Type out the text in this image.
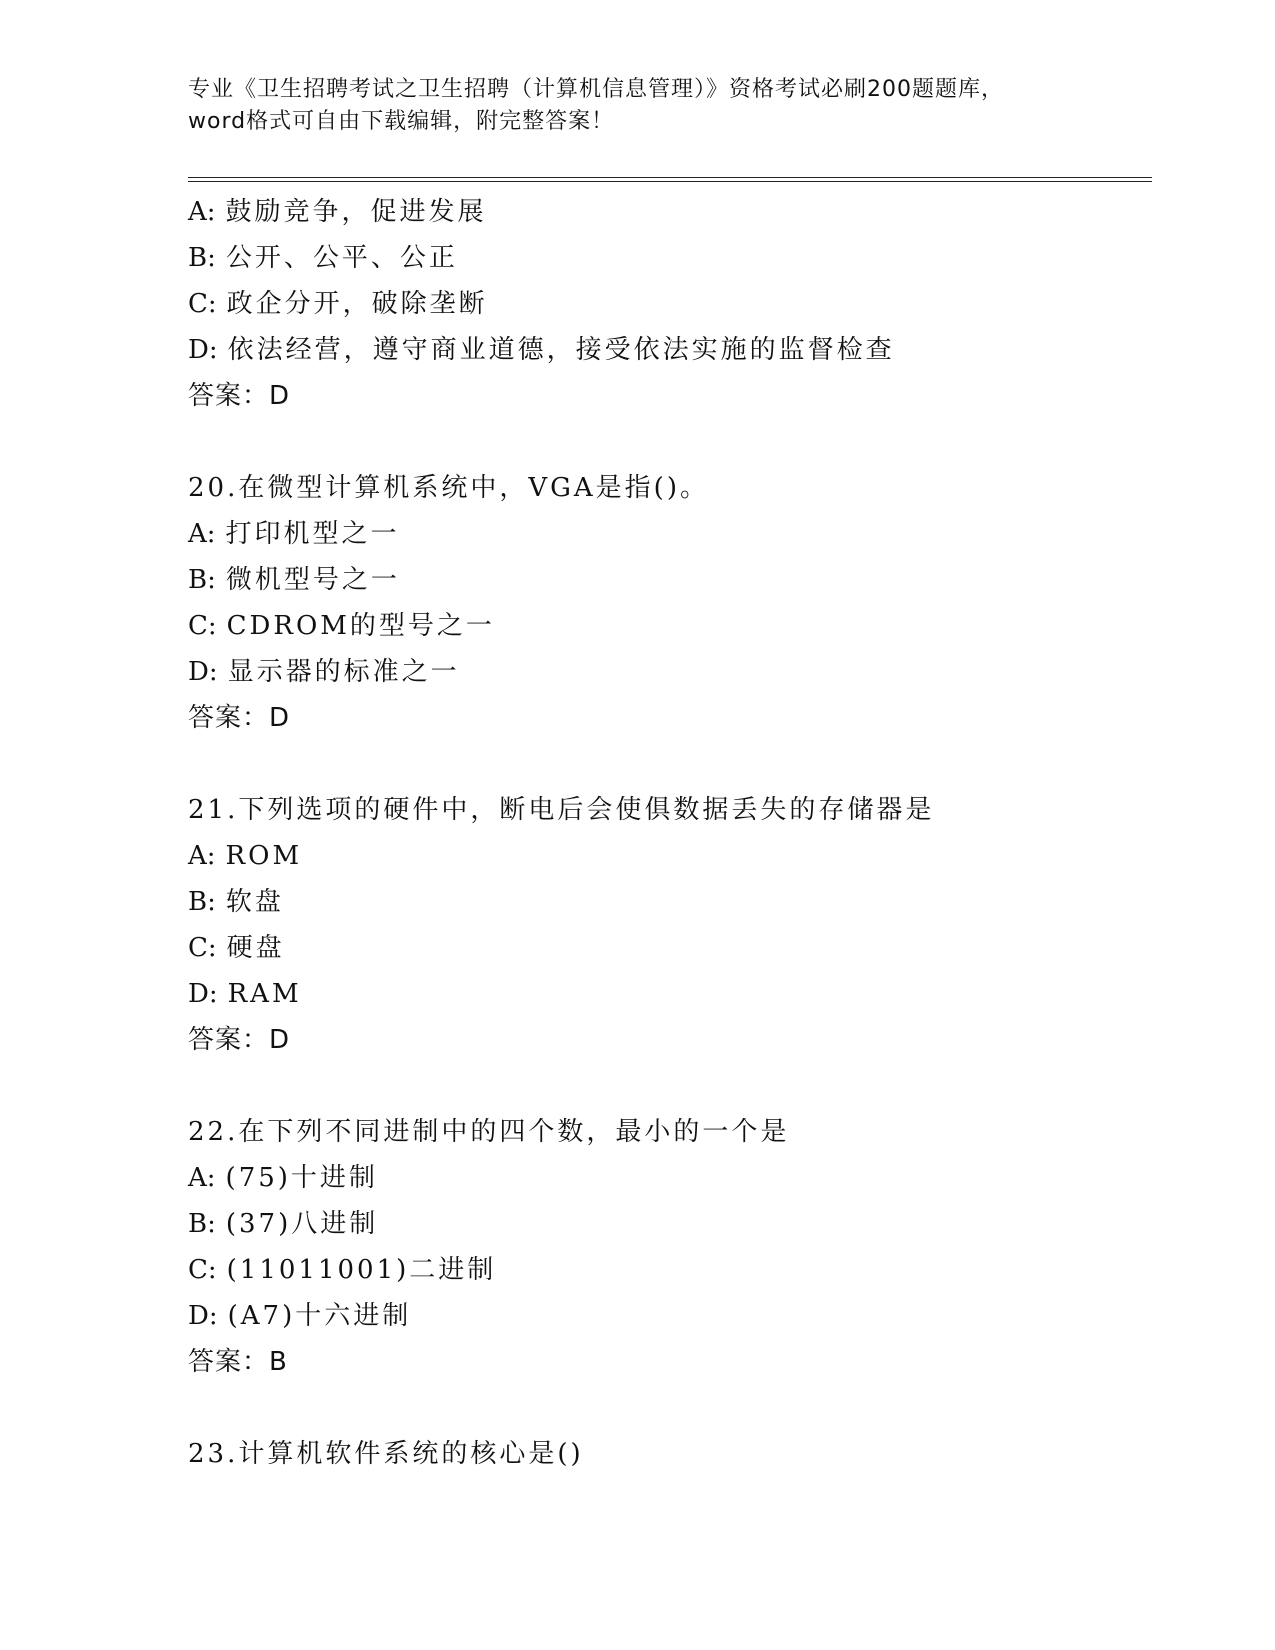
专业《卫生招聘考试之卫生招聘（计算机信息管理）》资格考试必刷200题题库，
word格式可自由下载编辑，附完整答案！
A: 鼓励竞争，促进发展
B: 公开、公平、公正
C: 政企分开，破除垄断
D: 依法经营，遵守商业道德，接受依法实施的监督检查
答案：D
20.在微型计算机系统中，VGA是指()。
A: 打印机型之一
B: 微机型号之一
C: CDROM的型号之一
D: 显示器的标准之一
答案：D
21.下列选项的硬件中，断电后会使俱数据丢失的存储器是
A: ROM
B: 软盘
C: 硬盘
D: RAM
答案：D
22.在下列不同进制中的四个数，最小的一个是
A: (75)十进制
B: (37)八进制
C: (11011001)二进制
D: (A7)十六进制
答案：B
23.计算机软件系统的核心是()
